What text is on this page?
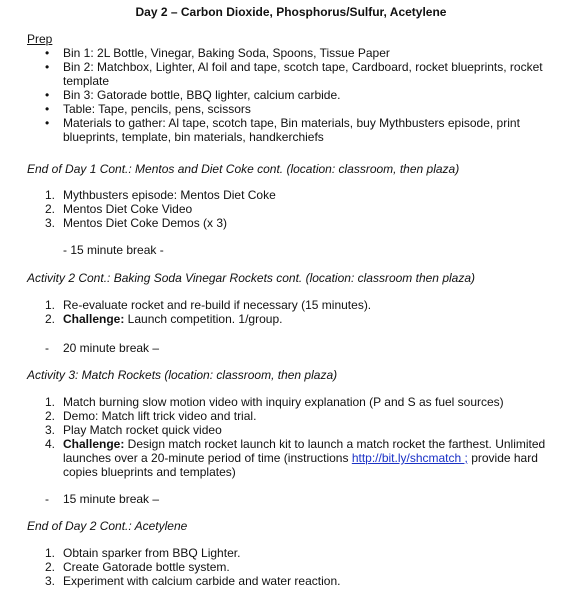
Day 2 – Carbon Dioxide, Phosphorus/Sulfur, Acetylene
Prep
• Bin 1: 2L Bottle, Vinegar, Baking Soda, Spoons, Tissue Paper
• Bin 2: Matchbox, Lighter, Al foil and tape, scotch tape, Cardboard, rocket blueprints, rocket template
• Bin 3: Gatorade bottle, BBQ lighter, calcium carbide.
• Table: Tape, pencils, pens, scissors
• Materials to gather: Al tape, scotch tape, Bin materials, buy Mythbusters episode, print blueprints, template, bin materials, handkerchiefs
End of Day 1 Cont.: Mentos and Diet Coke cont. (location: classroom, then plaza)
1. Mythbusters episode: Mentos Diet Coke
2. Mentos Diet Coke Video
3. Mentos Diet Coke Demos (x 3)
- 15 minute break -
Activity 2 Cont.: Baking Soda Vinegar Rockets cont. (location: classroom then plaza)
1. Re-evaluate rocket and re-build if necessary (15 minutes).
2. Challenge: Launch competition. 1/group.
- 20 minute break –
Activity 3: Match Rockets (location: classroom, then plaza)
1. Match burning slow motion video with inquiry explanation (P and S as fuel sources)
2. Demo: Match lift trick video and trial.
3. Play Match rocket quick video
4. Challenge: Design match rocket launch kit to launch a match rocket the farthest. Unlimited launches over a 20-minute period of time (instructions http://bit.ly/shcmatch ; provide hard copies blueprints and templates)
- 15 minute break –
End of Day 2 Cont.: Acetylene
1. Obtain sparker from BBQ Lighter.
2. Create Gatorade bottle system.
3. Experiment with calcium carbide and water reaction.
